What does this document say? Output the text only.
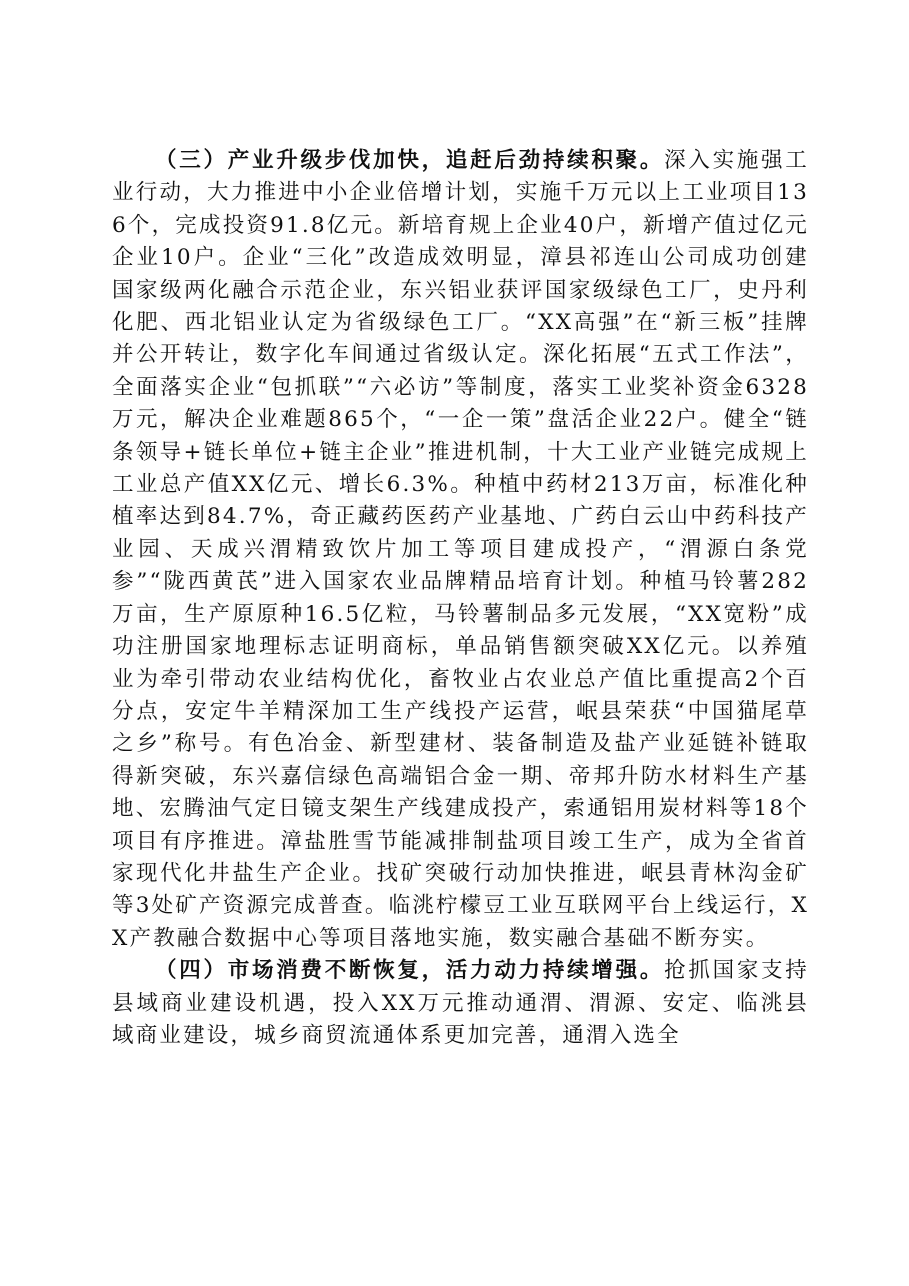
（三）产业升级步伐加快，追赶后劲持续积聚。深入实施强工业行动，大力推进中小企业倍增计划，实施千万元以上工业项目136个，完成投资91.8亿元。新培育规上企业40户，新增产值过亿元企业10户。企业“三化”改造成效明显，漳县祁连山公司成功创建国家级两化融合示范企业，东兴铝业获评国家级绿色工厂，史丹利化肥、西北铝业认定为省级绿色工厂。“XX高强”在“新三板”挂牌并公开转让，数字化车间通过省级认定。深化拓展“五式工作法”，全面落实企业“包抓联”“六必访”等制度，落实工业奖补资金6328万元，解决企业难题865个，“一企一策”盘活企业22户。健全“链条领导+链长单位+链主企业”推进机制，十大工业产业链完成规上工业总产值XX亿元、增长6.3%。种植中药材213万亩，标准化种植率达到84.7%，奇正藏药医药产业基地、广药白云山中药科技产业园、天成兴渭精致饮片加工等项目建成投产，“渭源白条党参”“陇西黄芪”进入国家农业品牌精品培育计划。种植马铃薯282万亩，生产原原种16.5亿粒，马铃薯制品多元发展，“XX宽粉”成功注册国家地理标志证明商标，单品销售额突破XX亿元。以养殖业为牵引带动农业结构优化，畜牧业占农业总产值比重提高2个百分点，安定牛羊精深加工生产线投产运营，岷县荣获“中国猫尾草之乡”称号。有色冶金、新型建材、装备制造及盐产业延链补链取得新突破，东兴嘉信绿色高端铝合金一期、帝邦升防水材料生产基地、宏腾油气定日镜支架生产线建成投产，索通铝用炭材料等18个项目有序推进。漳盐胜雪节能减排制盐项目竣工生产，成为全省首家现代化井盐生产企业。找矿突破行动加快推进，岷县青林沟金矿等3处矿产资源完成普查。临洮柠檬豆工业互联网平台上线运行，XX产教融合数据中心等项目落地实施，数实融合基础不断夯实。

（四）市场消费不断恢复，活力动力持续增强。抢抓国家支持县域商业建设机遇，投入XX万元推动通渭、渭源、安定、临洮县域商业建设，城乡商贸流通体系更加完善，通渭入选全
